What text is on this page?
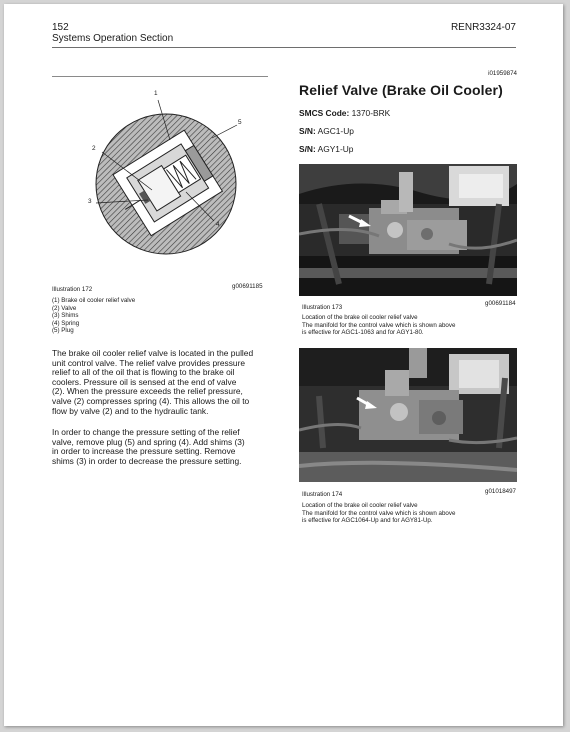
152
Systems Operation Section
RENR3324-07
1
2
3
4
5
Illustration 172	g00691185
(1) Brake oil cooler relief valve
(2) Valve
(3) Shims
(4) Spring
(5) Plug
The brake oil cooler relief valve is located in the pulled
unit control valve. The relief valve provides pressure
relief to all of the oil that is flowing to the brake oil
coolers. Pressure oil is sensed at the end of valve
(2). When the pressure exceeds the relief pressure,
valve (2) compresses spring (4). This allows the oil to
flow by valve (2) and to the hydraulic tank.
In order to change the pressure setting of the relief
valve, remove plug (5) and spring (4). Add shims (3)
in order to increase the pressure setting. Remove
shims (3) in order to decrease the pressure setting.
i01959874
Relief Valve (Brake Oil Cooler)
SMCS Code: 1370-BRK
S/N: AGC1-Up
S/N: AGY1-Up
Illustration 173
g00691184
Location of the brake oil cooler relief valve
The manifold for the control valve which is shown above
is effective for AGC1-1063 and for AGY1-80.
Illustration 174	g01018497
Location of the brake oil cooler relief valve
The manifold for the control valve which is shown above
is effective for AGC1064-Up and for AGY81-Up.
